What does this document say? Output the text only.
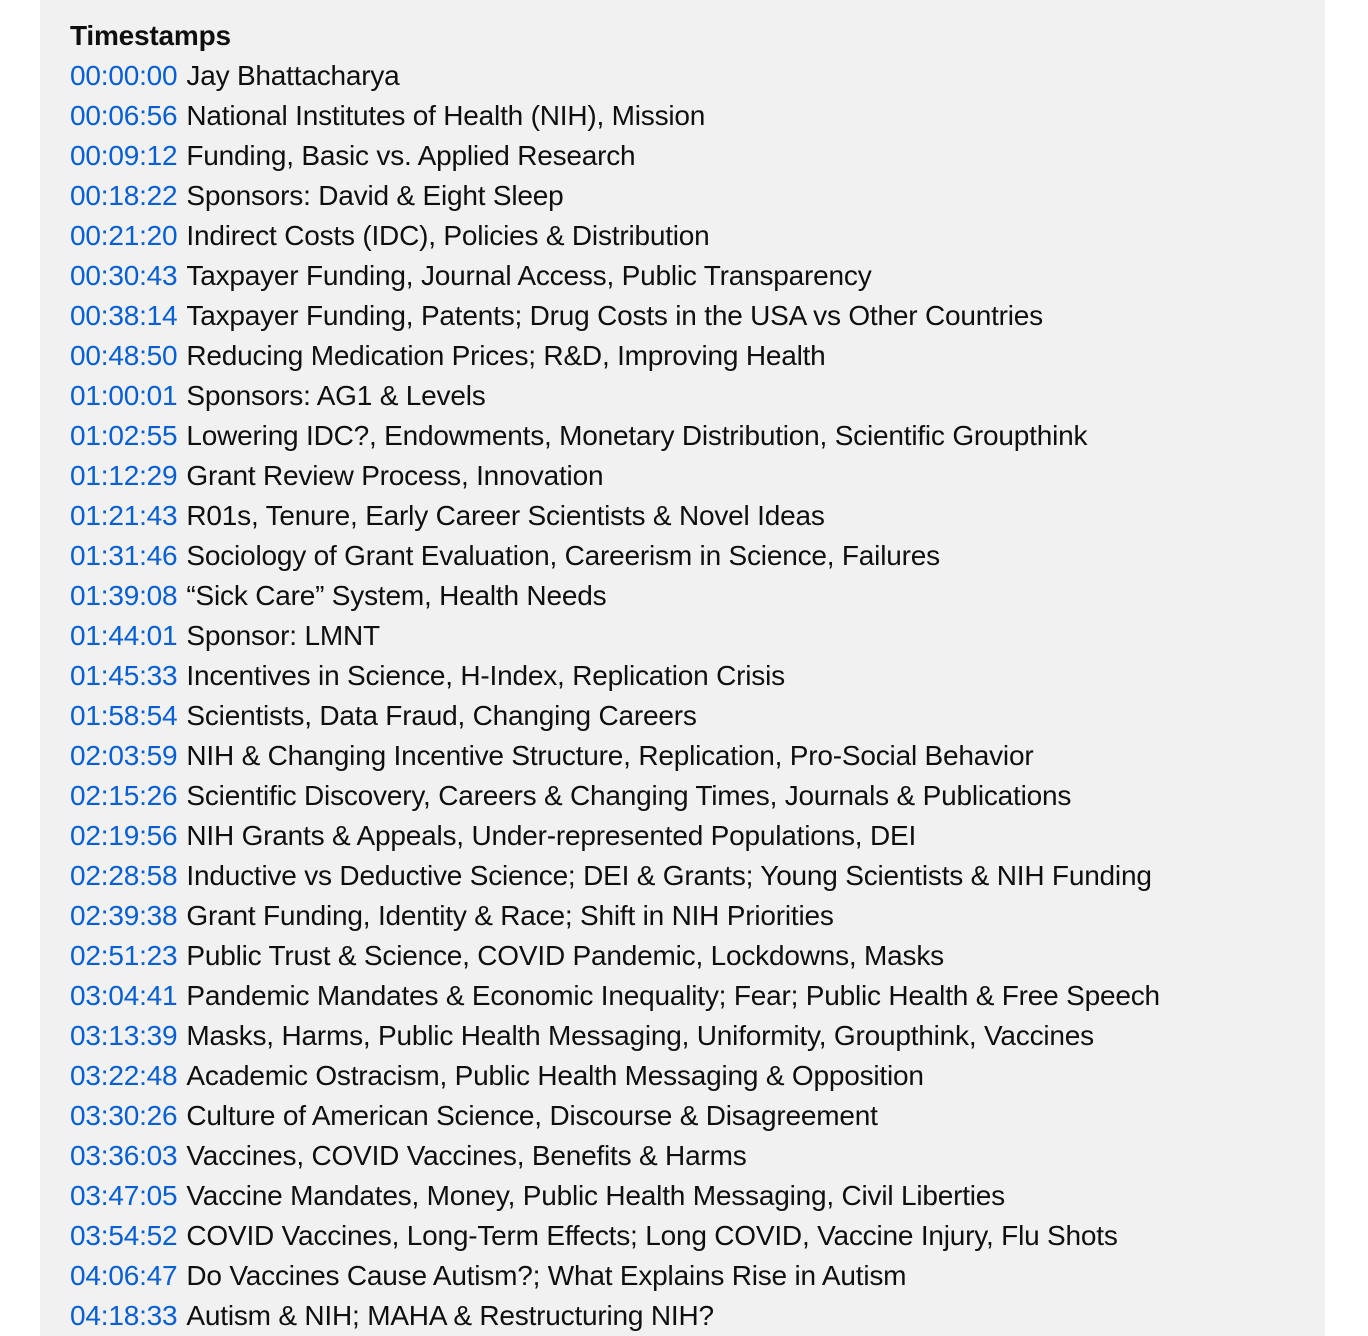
Timestamps
00:00:00 Jay Bhattacharya
00:06:56 National Institutes of Health (NIH), Mission
00:09:12 Funding, Basic vs. Applied Research
00:18:22 Sponsors: David & Eight Sleep
00:21:20 Indirect Costs (IDC), Policies & Distribution
00:30:43 Taxpayer Funding, Journal Access, Public Transparency
00:38:14 Taxpayer Funding, Patents; Drug Costs in the USA vs Other Countries
00:48:50 Reducing Medication Prices; R&D, Improving Health
01:00:01 Sponsors: AG1 & Levels
01:02:55 Lowering IDC?, Endowments, Monetary Distribution, Scientific Groupthink
01:12:29 Grant Review Process, Innovation
01:21:43 R01s, Tenure, Early Career Scientists & Novel Ideas
01:31:46 Sociology of Grant Evaluation, Careerism in Science, Failures
01:39:08 “Sick Care” System, Health Needs
01:44:01 Sponsor: LMNT
01:45:33 Incentives in Science, H-Index, Replication Crisis
01:58:54 Scientists, Data Fraud, Changing Careers
02:03:59 NIH & Changing Incentive Structure, Replication, Pro-Social Behavior
02:15:26 Scientific Discovery, Careers & Changing Times, Journals & Publications
02:19:56 NIH Grants & Appeals, Under-represented Populations, DEI
02:28:58 Inductive vs Deductive Science; DEI & Grants; Young Scientists & NIH Funding
02:39:38 Grant Funding, Identity & Race; Shift in NIH Priorities
02:51:23 Public Trust & Science, COVID Pandemic, Lockdowns, Masks
03:04:41 Pandemic Mandates & Economic Inequality; Fear; Public Health & Free Speech
03:13:39 Masks, Harms, Public Health Messaging, Uniformity, Groupthink, Vaccines
03:22:48 Academic Ostracism, Public Health Messaging & Opposition
03:30:26 Culture of American Science, Discourse & Disagreement
03:36:03 Vaccines, COVID Vaccines, Benefits & Harms
03:47:05 Vaccine Mandates, Money, Public Health Messaging, Civil Liberties
03:54:52 COVID Vaccines, Long-Term Effects; Long COVID, Vaccine Injury, Flu Shots
04:06:47 Do Vaccines Cause Autism?; What Explains Rise in Autism
04:18:33 Autism & NIH; MAHA & Restructuring NIH?
